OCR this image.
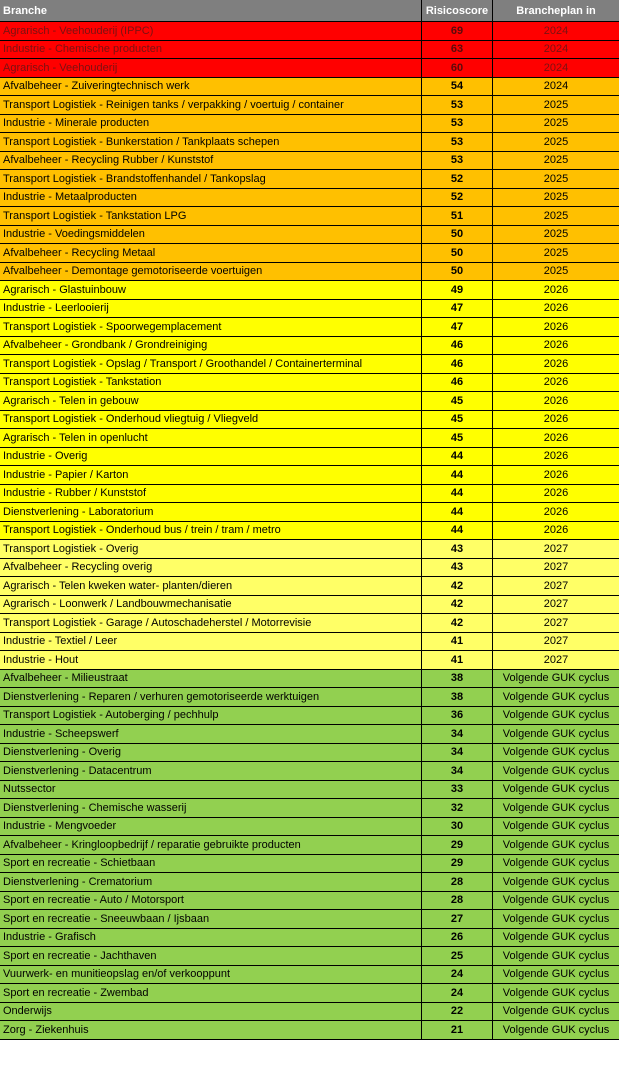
Branche	Risicoscore	Brancheplan in
Agrarisch - Veehouderij (IPPC)	69	2024
Industrie - Chemische producten	63	2024
Agrarisch - Veehouderij	60	2024
Afvalbeheer - Zuiveringtechnisch werk	54	2024
Transport Logistiek - Reinigen tanks / verpakking / voertuig / container	53	2025
Industrie - Minerale producten	53	2025
Transport Logistiek - Bunkerstation / Tankplaats schepen	53	2025
Afvalbeheer - Recycling Rubber / Kunststof	53	2025
Transport Logistiek - Brandstoffenhandel / Tankopslag	52	2025
Industrie - Metaalproducten	52	2025
Transport Logistiek - Tankstation LPG	51	2025
Industrie - Voedingsmiddelen	50	2025
Afvalbeheer - Recycling Metaal	50	2025
Afvalbeheer - Demontage gemotoriseerde voertuigen	50	2025
Agrarisch - Glastuinbouw	49	2026
Industrie - Leerlooierij	47	2026
Transport Logistiek - Spoorwegemplacement	47	2026
Afvalbeheer - Grondbank / Grondreiniging	46	2026
Transport Logistiek - Opslag / Transport / Groothandel / Containerterminal	46	2026
Transport Logistiek - Tankstation	46	2026
Agrarisch - Telen in gebouw	45	2026
Transport Logistiek - Onderhoud vliegtuig / Vliegveld	45	2026
Agrarisch - Telen in openlucht	45	2026
Industrie - Overig	44	2026
Industrie - Papier / Karton	44	2026
Industrie - Rubber / Kunststof	44	2026
Dienstverlening - Laboratorium	44	2026
Transport Logistiek - Onderhoud bus / trein / tram / metro	44	2026
Transport Logistiek - Overig	43	2027
Afvalbeheer - Recycling overig	43	2027
Agrarisch - Telen kweken water- planten/dieren	42	2027
Agrarisch - Loonwerk / Landbouwmechanisatie	42	2027
Transport Logistiek - Garage / Autoschadeherstel / Motorrevisie	42	2027
Industrie - Textiel / Leer	41	2027
Industrie - Hout	41	2027
Afvalbeheer - Milieustraat	38	Volgende GUK cyclus
Dienstverlening - Reparen / verhuren gemotoriseerde werktuigen	38	Volgende GUK cyclus
Transport Logistiek - Autoberging / pechhulp	36	Volgende GUK cyclus
Industrie - Scheepswerf	34	Volgende GUK cyclus
Dienstverlening - Overig	34	Volgende GUK cyclus
Dienstverlening - Datacentrum	34	Volgende GUK cyclus
Nutssector	33	Volgende GUK cyclus
Dienstverlening - Chemische wasserij	32	Volgende GUK cyclus
Industrie - Mengvoeder	30	Volgende GUK cyclus
Afvalbeheer - Kringloopbedrijf / reparatie gebruikte producten	29	Volgende GUK cyclus
Sport en recreatie - Schietbaan	29	Volgende GUK cyclus
Dienstverlening - Crematorium	28	Volgende GUK cyclus
Sport en recreatie - Auto / Motorsport	28	Volgende GUK cyclus
Sport en recreatie - Sneeuwbaan / Ijsbaan	27	Volgende GUK cyclus
Industrie - Grafisch	26	Volgende GUK cyclus
Sport en recreatie - Jachthaven	25	Volgende GUK cyclus
Vuurwerk- en munitieopslag en/of verkooppunt	24	Volgende GUK cyclus
Sport en recreatie - Zwembad	24	Volgende GUK cyclus
Onderwijs	22	Volgende GUK cyclus
Zorg - Ziekenhuis	21	Volgende GUK cyclus
